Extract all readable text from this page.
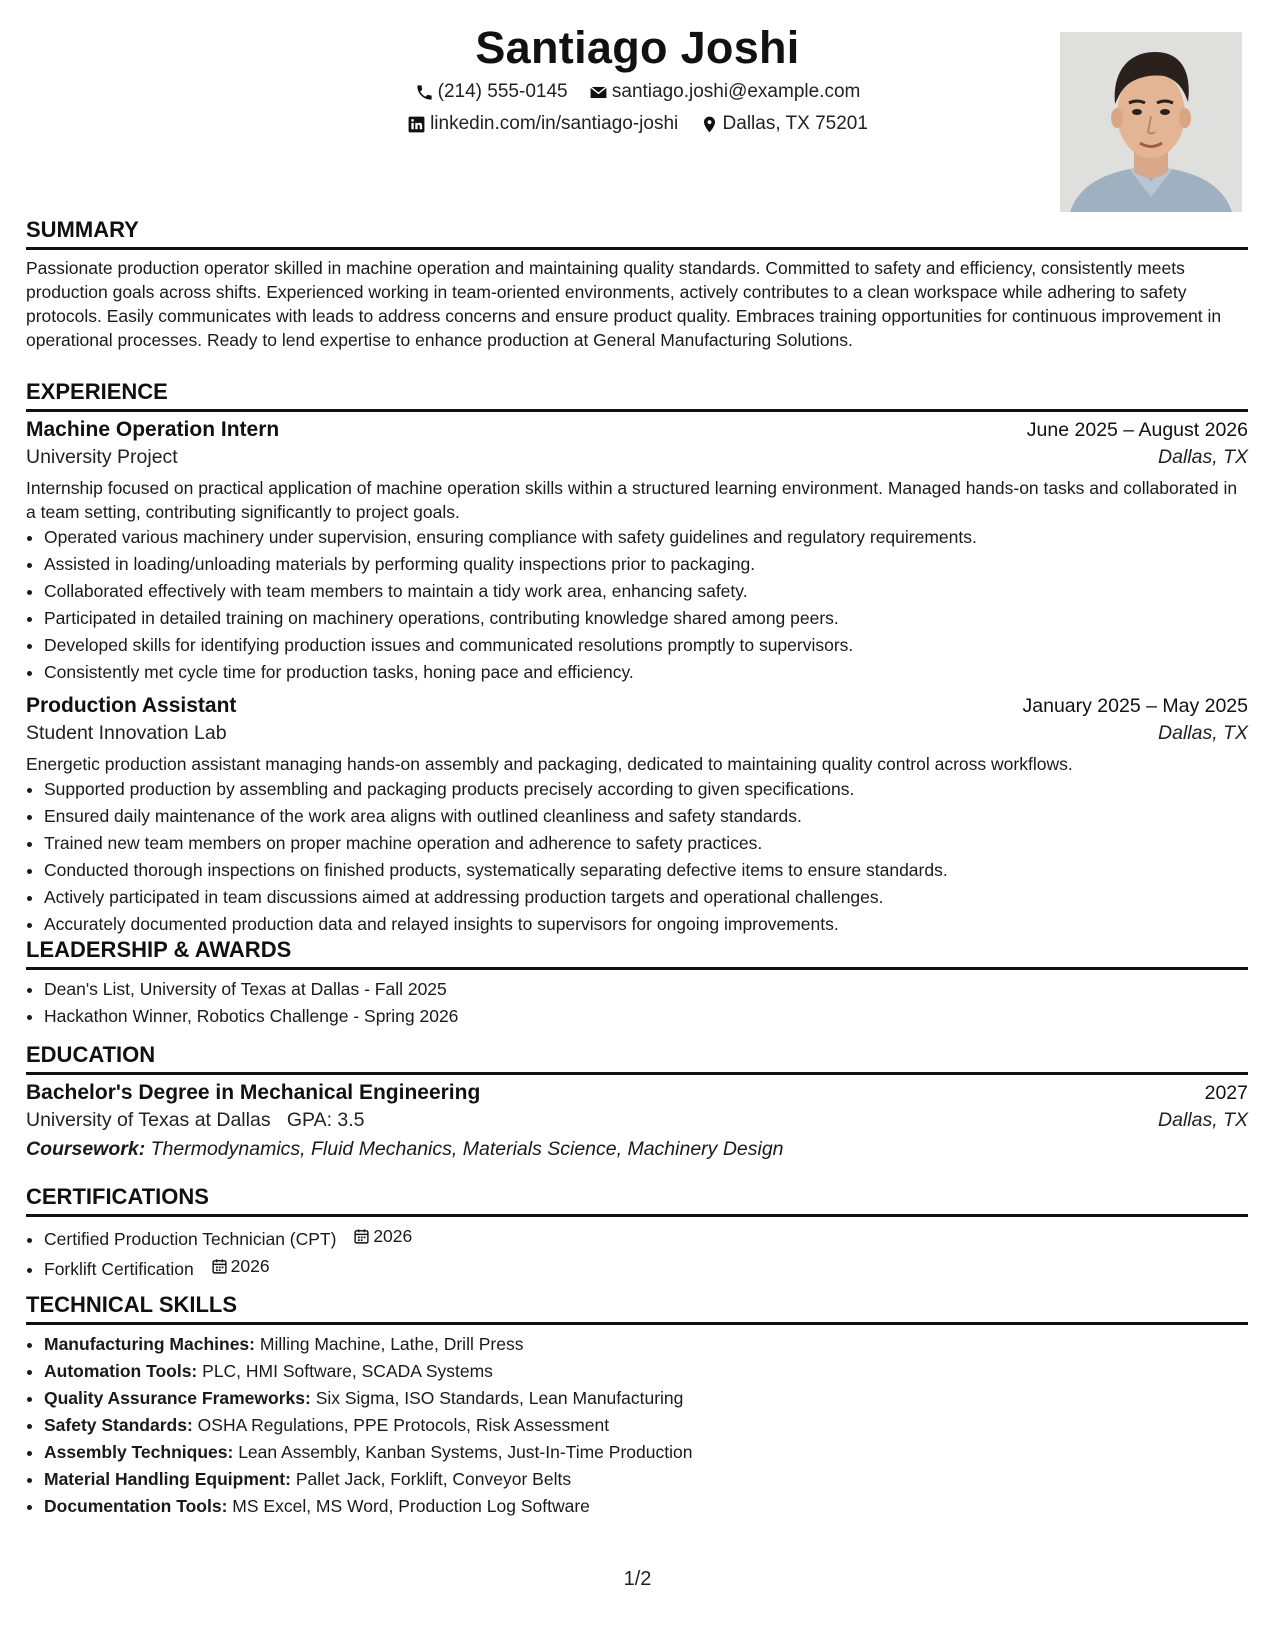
Santiago Joshi
(214) 555-0145
santiago.joshi@example.com
linkedin.com/in/santiago-joshi
Dallas, TX 75201
SUMMARY

Passionate production operator skilled in machine operation and maintaining quality standards. Committed to safety and efficiency, consistently meets production goals across shifts. Experienced working in team-oriented environments, actively contributes to a clean workspace while adhering to safety protocols. Easily communicates with leads to address concerns and ensure product quality. Embraces training opportunities for continuous improvement in operational processes. Ready to lend expertise to enhance production at General Manufacturing Solutions.

EXPERIENCE
Machine Operation Intern	June 2025 – August 2026
University Project	Dallas, TX

Internship focused on practical application of machine operation skills within a structured learning environment. Managed hands-on tasks and collaborated in a team setting, contributing significantly to project goals.

• Operated various machinery under supervision, ensuring compliance with safety guidelines and regulatory requirements.
• Assisted in loading/unloading materials by performing quality inspections prior to packaging.
• Collaborated effectively with team members to maintain a tidy work area, enhancing safety.
• Participated in detailed training on machinery operations, contributing knowledge shared among peers.
• Developed skills for identifying production issues and communicated resolutions promptly to supervisors.
• Consistently met cycle time for production tasks, honing pace and efficiency.
Production Assistant	January 2025 – May 2025
Student Innovation Lab	Dallas, TX

Energetic production assistant managing hands-on assembly and packaging, dedicated to maintaining quality control across workflows.

• Supported production by assembling and packaging products precisely according to given specifications.
• Ensured daily maintenance of the work area aligns with outlined cleanliness and safety standards.
• Trained new team members on proper machine operation and adherence to safety practices.
• Conducted thorough inspections on finished products, systematically separating defective items to ensure standards.
• Actively participated in team discussions aimed at addressing production targets and operational challenges.
• Accurately documented production data and relayed insights to supervisors for ongoing improvements.
LEADERSHIP & AWARDS
• Dean's List, University of Texas at Dallas - Fall 2025
• Hackathon Winner, Robotics Challenge - Spring 2026
EDUCATION
Bachelor's Degree in Mechanical Engineering	2027
University of Texas at Dallas GPA: 3.5	Dallas, TX
Coursework: Thermodynamics, Fluid Mechanics, Materials Science, Machinery Design
CERTIFICATIONS
• Certified Production Technician (CPT) 2026
• Forklift Certification 2026
TECHNICAL SKILLS
• Manufacturing Machines: Milling Machine, Lathe, Drill Press
• Automation Tools: PLC, HMI Software, SCADA Systems
• Quality Assurance Frameworks: Six Sigma, ISO Standards, Lean Manufacturing
• Safety Standards: OSHA Regulations, PPE Protocols, Risk Assessment
• Assembly Techniques: Lean Assembly, Kanban Systems, Just-In-Time Production
• Material Handling Equipment: Pallet Jack, Forklift, Conveyor Belts
• Documentation Tools: MS Excel, MS Word, Production Log Software
1/2
